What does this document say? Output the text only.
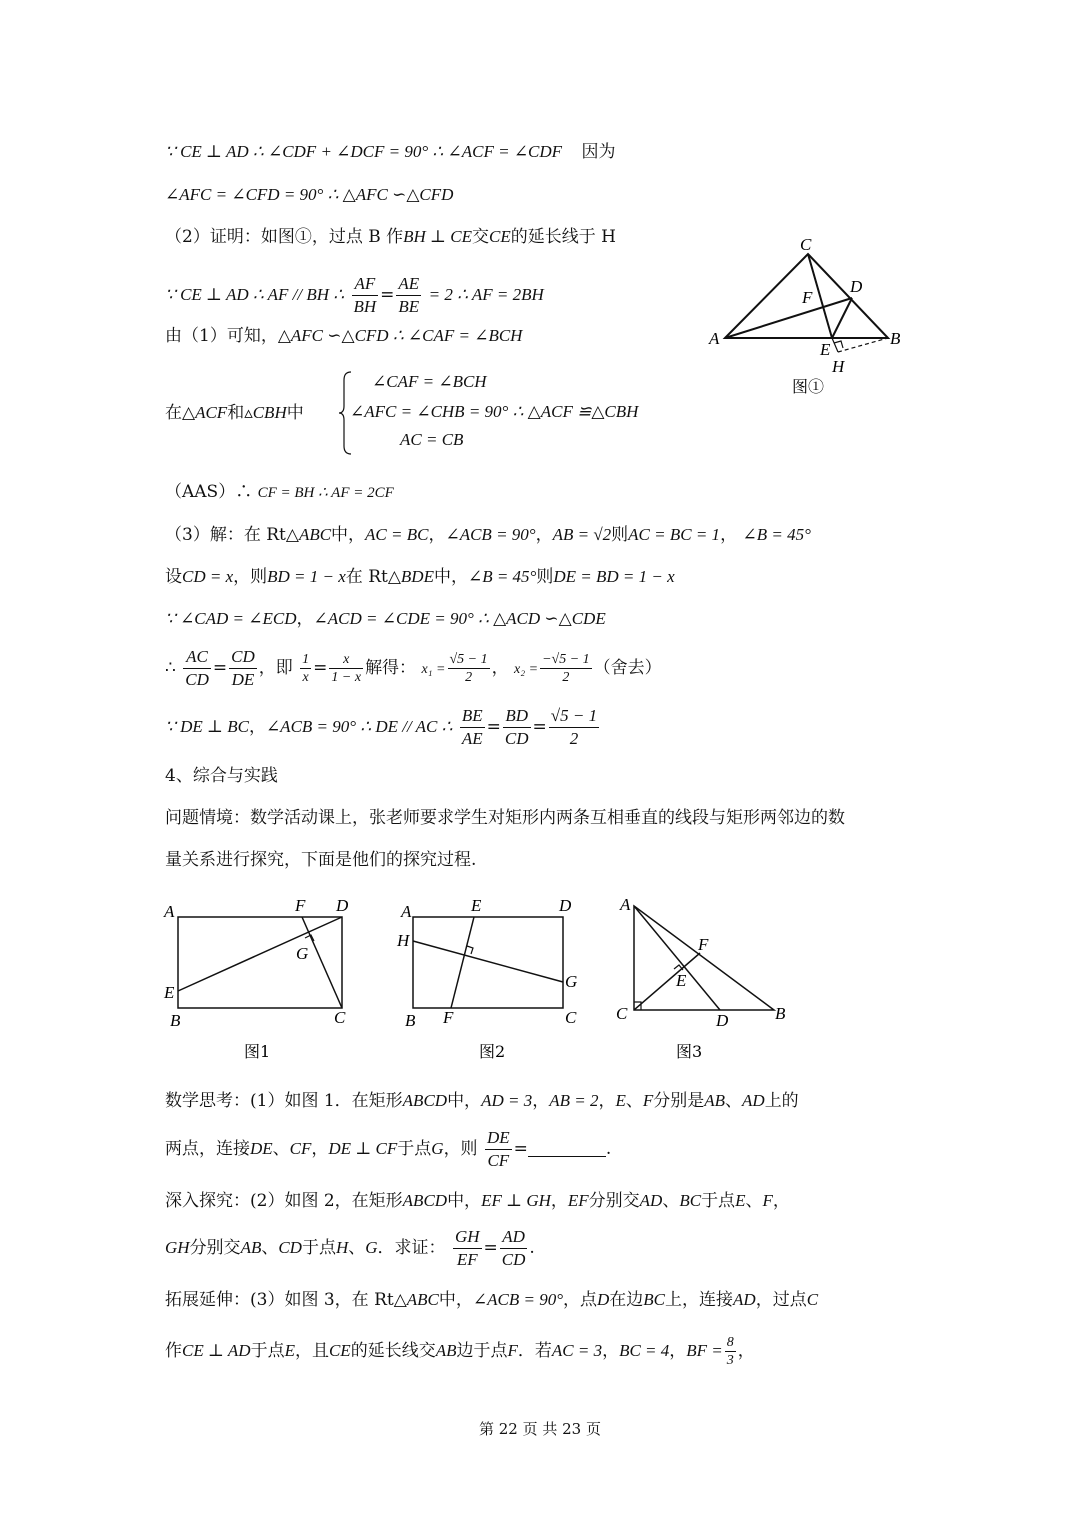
∵ CE ⊥ AD ∴ ∠CDF + ∠DCF = 90° ∴ ∠ACF = ∠CDF 因为
∠AFC = ∠CFD = 90° ∴ △AFC ∽△CFD
（2）证明：如图①，过点 B 作BH ⊥ CE交CE的延长线于 H
∵ CE ⊥ AD ∴ AF // BH ∴ $\frac{AF}{BH} = \frac{AE}{BE} = 2$ ∴ AF = 2BH
由（1）可知，△AFC ∽△CFD ∴ ∠CAF = ∠BCH
在△ACF和▵CBH中
∠CAF = ∠BCH
∠AFC = ∠CHB = 90° ∴ △ACF ≌△CBH
AC = CB
（AAS）∴ CF = BH ∴ AF = 2CF
（3）解：在 Rt△ABC中，AC = BC，∠ACB = 90°，AB = √2则AC = BC = 1， ∠B = 45°
设CD = x，则BD = 1 − x在 Rt△BDE中，∠B = 45°则DE = BD = 1 − x
∵ ∠CAD = ∠ECD，∠ACD = ∠CDE = 90° ∴ △ACD ∽△CDE
∴ $\frac{AC}{CD} = \frac{CD}{DE}$ ，即 $\frac{1}{x} = \frac{x}{1 - x}$ 解得： $x_1 = \frac{√5 - 1}{2}$ ， $x_2 = \frac{-√5 - 1}{2}$ （舍去）
∵ DE ⊥ BC，∠ACB = 90° ∴ DE // AC ∴ $\frac{BE}{AE} = \frac{BD}{CD} = \frac{√5 - 1}{2}$
4、综合与实践
问题情境：数学活动课上，张老师要求学生对矩形内两条互相垂直的线段与矩形两邻边的数
量关系进行探究，下面是他们的探究过程.
C
D
F
A	B
E
H
图①
A	F D
G
E
B	C
图1
A	E	D
H
G
B F	C
图2
A
F
E
C	D	B
图3
数学思考：(1）如图 1．在矩形ABCD中，AD = 3，AB = 2，E、F分别是AB、AD上的
两点，连接DE、CF，DE ⊥ CF于点G，则 $\frac{DE}{CF}$ =	.
深入探究：(2）如图 2，在矩形ABCD中，EF ⊥ GH，EF分别交AD、BC于点E、F，
GH分别交AB、CD于点H、G．求证： $\frac{GH}{EF} = \frac{AD}{CD}$ .
拓展延伸：(3）如图 3，在 Rt△ABC中，∠ACB = 90°，点D在边BC上，连接AD，过点C
作CE ⊥ AD于点E，且CE的延长线交AB边于点F．若AC = 3，BC = 4，BF = $\frac{8}{3}$ ，
第 22 页 共 23 页
